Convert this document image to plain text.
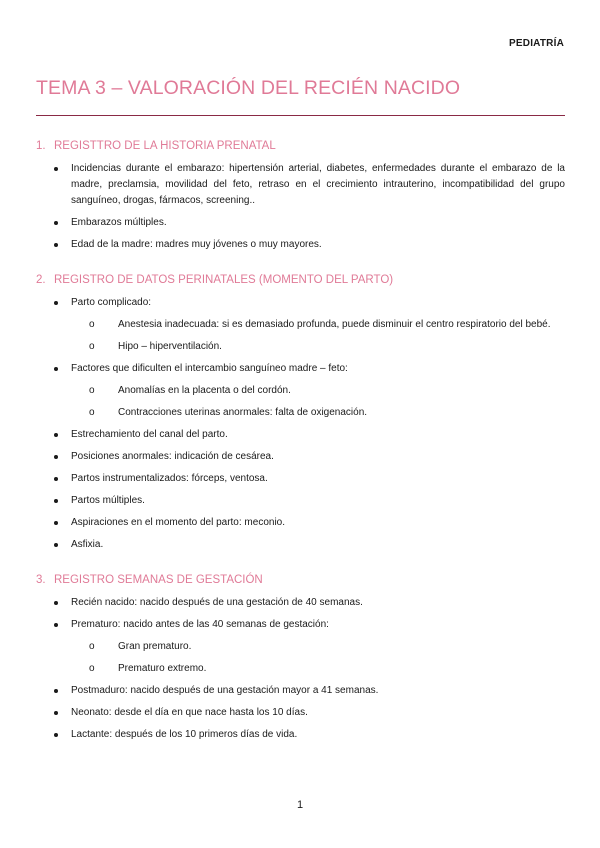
PEDIATRÍA
TEMA 3 – VALORACIÓN DEL RECIÉN NACIDO
1. REGISTTRO DE LA HISTORIA PRENATAL
Incidencias durante el embarazo: hipertensión arterial, diabetes, enfermedades durante el embarazo de la madre, preclamsia, movilidad del feto, retraso en el crecimiento intrauterino, incompatibilidad del grupo sanguíneo, drogas, fármacos, screening..
Embarazos múltiples.
Edad de la madre: madres muy jóvenes o muy mayores.
2. REGISTRO DE DATOS PERINATALES (MOMENTO DEL PARTO)
Parto complicado:
o Anestesia inadecuada: si es demasiado profunda, puede disminuir el centro respiratorio del bebé.
o Hipo – hiperventilación.
Factores que dificulten el intercambio sanguíneo madre – feto:
o Anomalías en la placenta o del cordón.
o Contracciones uterinas anormales: falta de oxigenación.
Estrechamiento del canal del parto.
Posiciones anormales: indicación de cesárea.
Partos instrumentalizados: fórceps, ventosa.
Partos múltiples.
Aspiraciones en el momento del parto: meconio.
Asfixia.
3. REGISTRO SEMANAS DE GESTACIÓN
Recién nacido: nacido después de una gestación de 40 semanas.
Prematuro: nacido antes de las 40 semanas de gestación:
o Gran prematuro.
o Prematuro extremo.
Postmaduro: nacido después de una gestación mayor a 41 semanas.
Neonato: desde el día en que nace hasta los 10 días.
Lactante: después de los 10 primeros días de vida.
1
